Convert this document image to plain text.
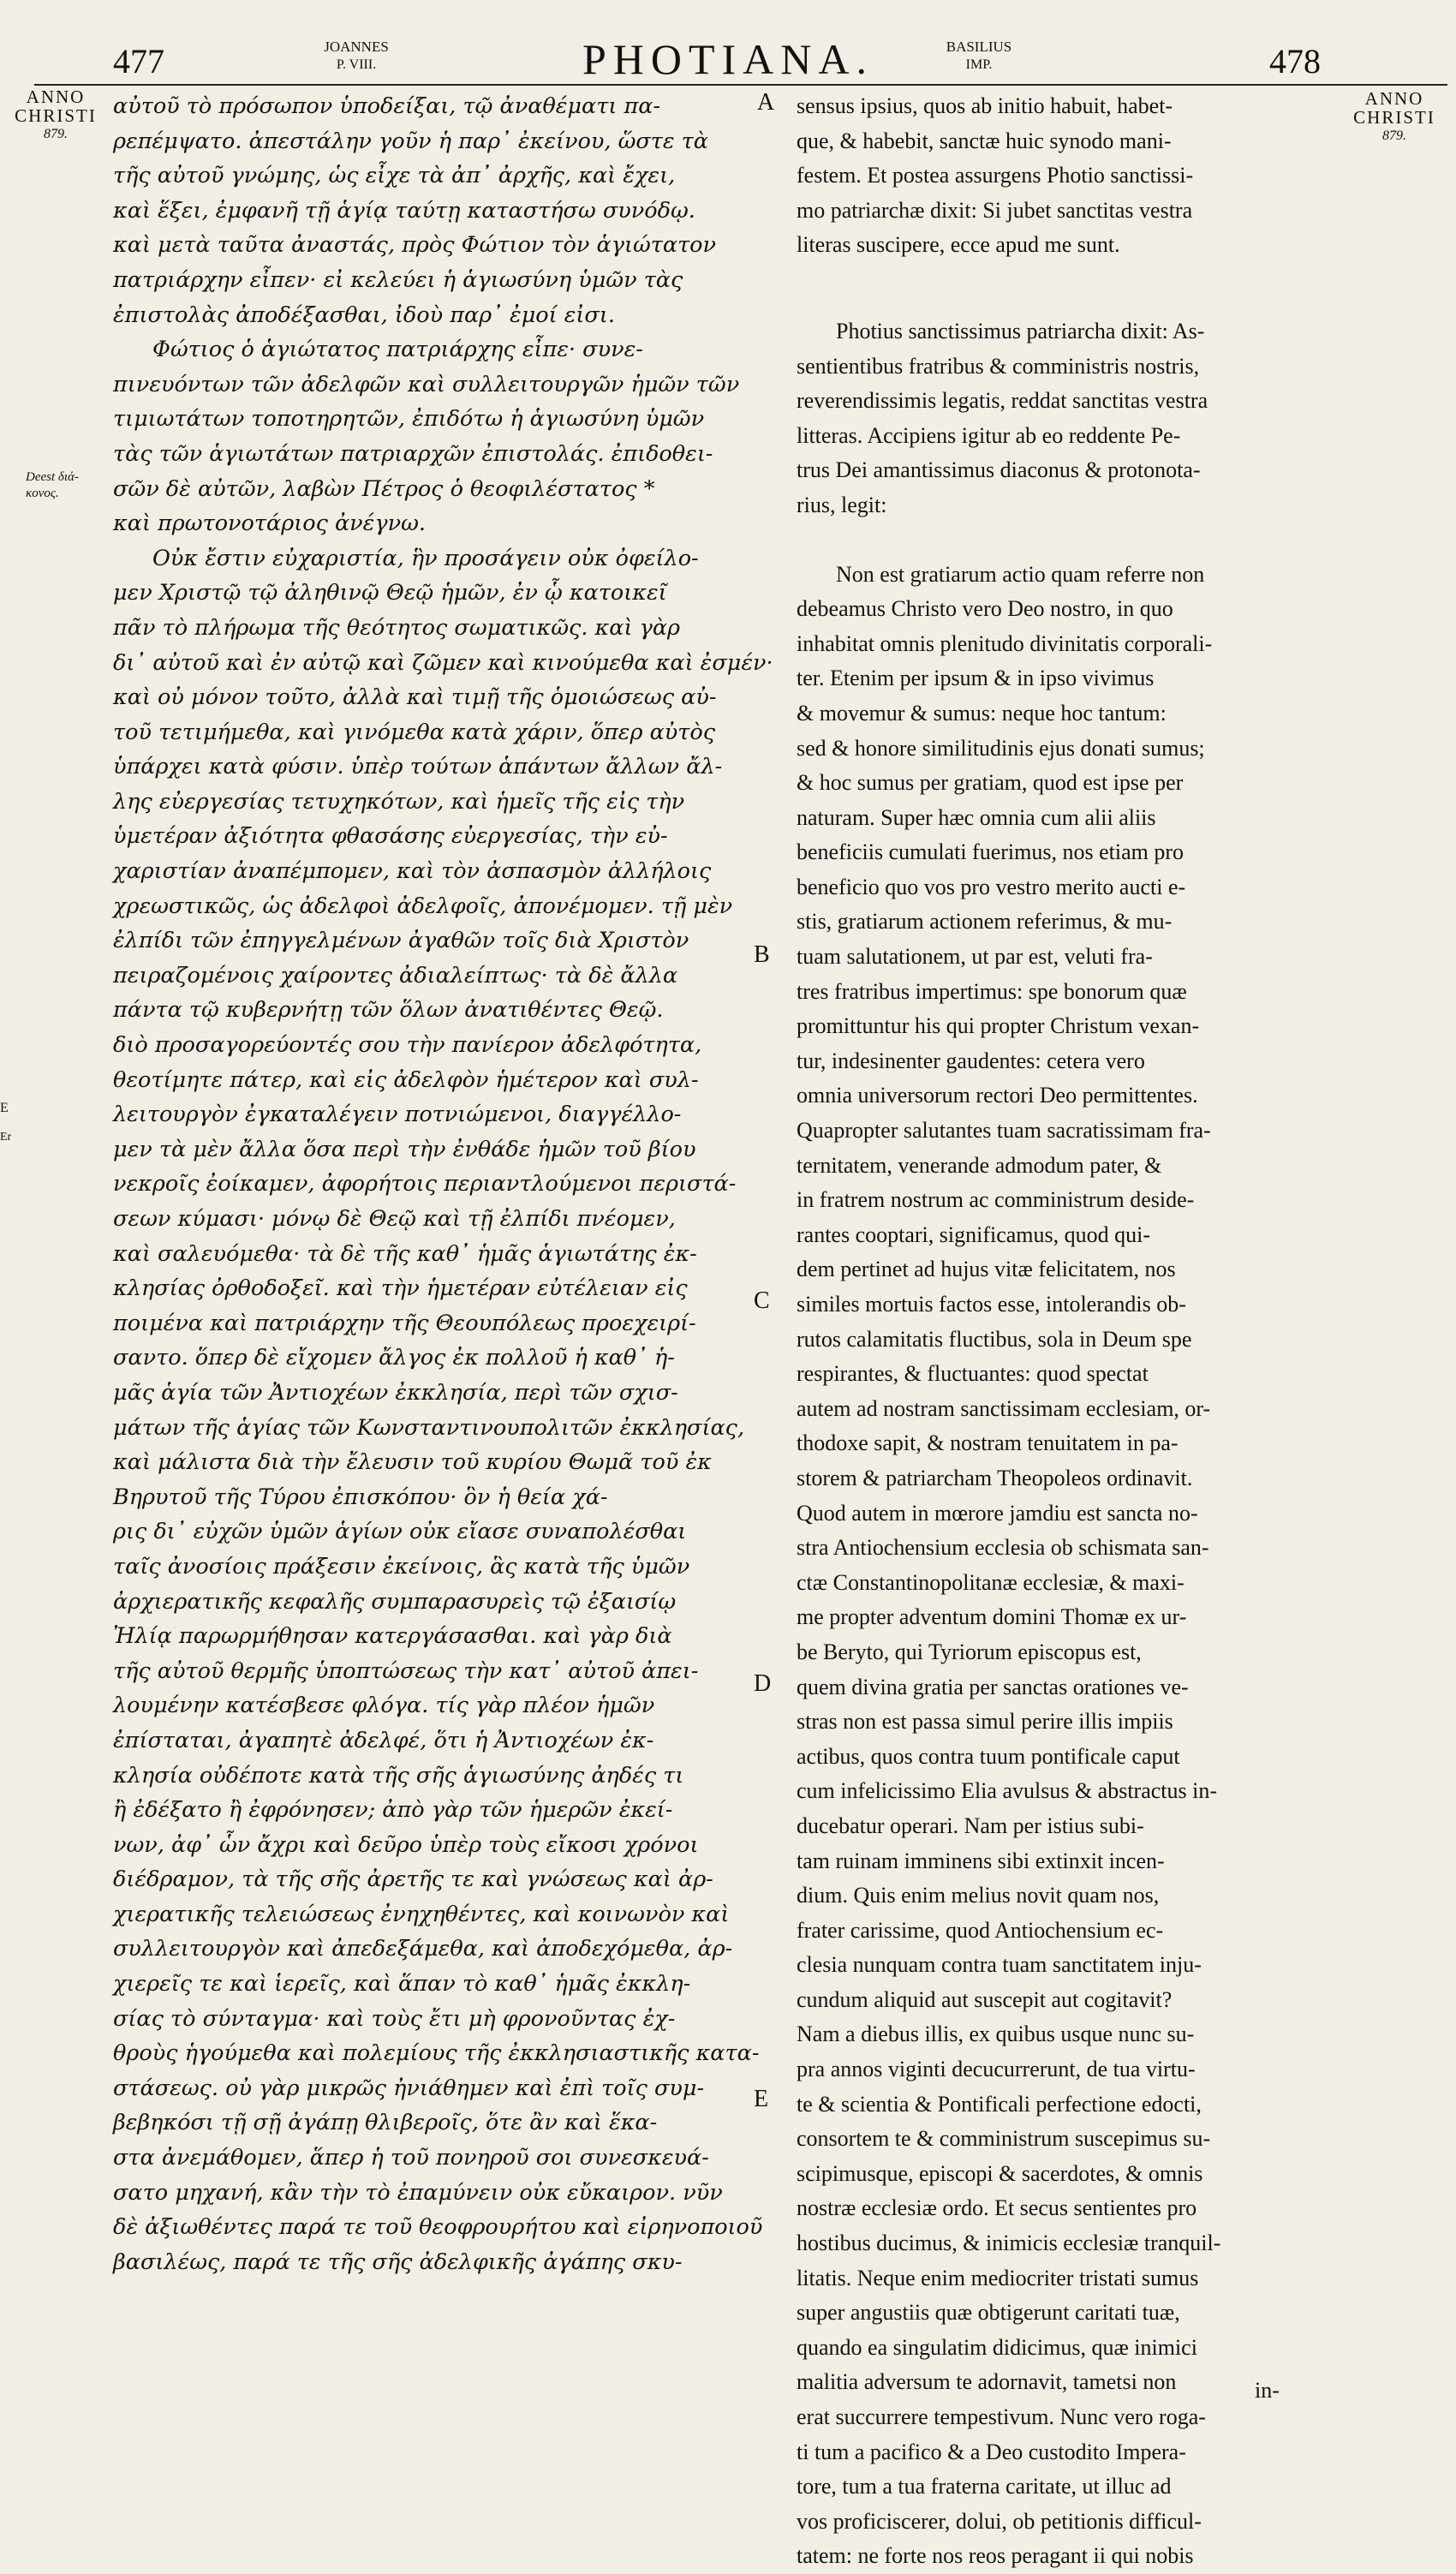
477	JOANNES
P. VIII.	PHOTIANA.	BASILIUS
IMP.	478
ANNO
CHRISTI
879.
ANNO
CHRISTI
879.
Deest διά- κονος.
E
Er
A
B
C
D
E
αὐτοῦ τὸ πρόσωπον ὑποδείξαι, τῷ ἀναθέματι πα-
ρεπέμψατο. ἀπεστάλην γοῦν ἡ παρ᾽ ἐκείνου, ὥστε τὰ
τῆς αὐτοῦ γνώμης, ὡς εἶχε τὰ ἀπ᾽ ἀρχῆς, καὶ ἔχει,
καὶ ἕξει, ἐμφανῆ τῇ ἁγίᾳ ταύτῃ καταστήσω συνόδῳ.
καὶ μετὰ ταῦτα ἀναστάς, πρὸς Φώτιον τὸν ἁγιώτατον
πατριάρχην εἶπεν· εἰ κελεύει ἡ ἁγιωσύνη ὑμῶν τὰς
ἐπιστολὰς ἀποδέξασθαι, ἰδοὺ παρ᾽ ἐμοί εἰσι.
Φώτιος ὁ ἁγιώτατος πατριάρχης εἶπε· συνε-
πινευόντων τῶν ἀδελφῶν καὶ συλλειτουργῶν ἡμῶν τῶν
τιμιωτάτων τοποτηρητῶν, ἐπιδότω ἡ ἁγιωσύνη ὑμῶν
τὰς τῶν ἁγιωτάτων πατριαρχῶν ἐπιστολάς. ἐπιδοθει-
σῶν δὲ αὐτῶν, λαβὼν Πέτρος ὁ θεοφιλέστατος *
καὶ πρωτονοτάριος ἀνέγνω.
Οὐκ ἔστιν εὐχαριστία, ἣν προσάγειν οὐκ ὀφείλο-
μεν Χριστῷ τῷ ἀληθινῷ Θεῷ ἡμῶν, ἐν ᾧ κατοικεῖ
πᾶν τὸ πλήρωμα τῆς θεότητος σωματικῶς. καὶ γὰρ
δι᾽ αὐτοῦ καὶ ἐν αὐτῷ καὶ ζῶμεν καὶ κινούμεθα καὶ ἐσμέν·
καὶ οὐ μόνον τοῦτο, ἀλλὰ καὶ τιμῇ τῆς ὁμοιώσεως αὐ-
τοῦ τετιμήμεθα, καὶ γινόμεθα κατὰ χάριν, ὅπερ αὐτὸς
ὑπάρχει κατὰ φύσιν. ὑπὲρ τούτων ἁπάντων ἄλλων ἄλ-
λης εὐεργεσίας τετυχηκότων, καὶ ἡμεῖς τῆς εἰς τὴν
ὑμετέραν ἀξιότητα φθασάσης εὐεργεσίας, τὴν εὐ-
χαριστίαν ἀναπέμπομεν, καὶ τὸν ἀσπασμὸν ἀλλήλοις
χρεωστικῶς, ὡς ἀδελφοὶ ἀδελφοῖς, ἀπονέμομεν. τῇ μὲν
ἐλπίδι τῶν ἐπηγγελμένων ἀγαθῶν τοῖς διὰ Χριστὸν
πειραζομένοις χαίροντες ἀδιαλείπτως· τὰ δὲ ἄλλα
πάντα τῷ κυβερνήτῃ τῶν ὅλων ἀνατιθέντες Θεῷ.
διὸ προσαγορεύοντές σου τὴν πανίερον ἀδελφότητα,
θεοτίμητε πάτερ, καὶ εἰς ἀδελφὸν ἡμέτερον καὶ συλ-
λειτουργὸν ἐγκαταλέγειν ποτνιώμενοι, διαγγέλλο-
μεν τὰ μὲν ἄλλα ὅσα περὶ τὴν ἐνθάδε ἡμῶν τοῦ βίου
νεκροῖς ἐοίκαμεν, ἀφορήτοις περιαντλούμενοι περιστά-
σεων κύμασι· μόνῳ δὲ Θεῷ καὶ τῇ ἐλπίδι πνέομεν,
καὶ σαλευόμεθα· τὰ δὲ τῆς καθ᾽ ἡμᾶς ἁγιωτάτης ἐκ-
κλησίας ὀρθοδοξεῖ. καὶ τὴν ἡμετέραν εὐτέλειαν εἰς
ποιμένα καὶ πατριάρχην τῆς Θεουπόλεως προεχειρί-
σαντο. ὅπερ δὲ εἴχομεν ἄλγος ἐκ πολλοῦ ἡ καθ᾽ ἡ-
μᾶς ἁγία τῶν Ἀντιοχέων ἐκκλησία, περὶ τῶν σχισ-
μάτων τῆς ἁγίας τῶν Κωνσταντινουπολιτῶν ἐκκλησίας,
καὶ μάλιστα διὰ τὴν ἔλευσιν τοῦ κυρίου Θωμᾶ τοῦ ἐκ
Βηρυτοῦ τῆς Τύρου ἐπισκόπου· ὃν ἡ θεία χά-
ρις δι᾽ εὐχῶν ὑμῶν ἁγίων οὐκ εἴασε συναπολέσθαι
ταῖς ἀνοσίοις πράξεσιν ἐκείνοις, ἃς κατὰ τῆς ὑμῶν
ἀρχιερατικῆς κεφαλῆς συμπαρασυρεὶς τῷ ἐξαισίῳ
Ἠλίᾳ παρωρμήθησαν κατεργάσασθαι. καὶ γὰρ διὰ
τῆς αὐτοῦ θερμῆς ὑποπτώσεως τὴν κατ᾽ αὐτοῦ ἀπει-
λουμένην κατέσβεσε φλόγα. τίς γὰρ πλέον ἡμῶν
ἐπίσταται, ἀγαπητὲ ἀδελφέ, ὅτι ἡ Ἀντιοχέων ἐκ-
κλησία οὐδέποτε κατὰ τῆς σῆς ἁγιωσύνης ἀηδές τι
ἢ ἐδέξατο ἢ ἐφρόνησεν; ἀπὸ γὰρ τῶν ἡμερῶν ἐκεί-
νων, ἀφ᾽ ὧν ἄχρι καὶ δεῦρο ὑπὲρ τοὺς εἴκοσι χρόνοι
διέδραμον, τὰ τῆς σῆς ἀρετῆς τε καὶ γνώσεως καὶ ἀρ-
χιερατικῆς τελειώσεως ἐνηχηθέντες, καὶ κοινωνὸν καὶ
συλλειτουργὸν καὶ ἀπεδεξάμεθα, καὶ ἀποδεχόμεθα, ἀρ-
χιερεῖς τε καὶ ἱερεῖς, καὶ ἅπαν τὸ καθ᾽ ἡμᾶς ἐκκλη-
σίας τὸ σύνταγμα· καὶ τοὺς ἔτι μὴ φρονοῦντας ἐχ-
θροὺς ἡγούμεθα καὶ πολεμίους τῆς ἐκκλησιαστικῆς κατα-
στάσεως. οὐ γὰρ μικρῶς ἠνιάθημεν καὶ ἐπὶ τοῖς συμ-
βεβηκόσι τῇ σῇ ἀγάπῃ θλιβεροῖς, ὅτε ἂν καὶ ἕκα-
στα ἀνεμάθομεν, ἅπερ ἡ τοῦ πονηροῦ σοι συνεσκευά-
σατο μηχανή, κἂν τὴν τὸ ἐπαμύνειν οὐκ εὔκαιρον. νῦν
δὲ ἀξιωθέντες παρά τε τοῦ θεοφρουρήτου καὶ εἰρηνοποιοῦ
βασιλέως, παρά τε τῆς σῆς ἀδελφικῆς ἀγάπης σκυ-
sensus ipsius, quos ab initio habuit, habet-
que, & habebit, sanctæ huic synodo mani-
festem. Et postea assurgens Photio sanctissi-
mo patriarchæ dixit: Si jubet sanctitas vestra
literas suscipere, ecce apud me sunt.
Photius sanctissimus patriarcha dixit: As-
sentientibus fratribus & comministris nostris,
reverendissimis legatis, reddat sanctitas vestra
litteras. Accipiens igitur ab eo reddente Pe-
trus Dei amantissimus diaconus & protonota-
rius, legit:
Non est gratiarum actio quam referre non
debeamus Christo vero Deo nostro, in quo
inhabitat omnis plenitudo divinitatis corporali-
ter. Etenim per ipsum & in ipso vivimus
& movemur & sumus: neque hoc tantum:
sed & honore similitudinis ejus donati sumus;
& hoc sumus per gratiam, quod est ipse per
naturam. Super hæc omnia cum alii aliis
beneficiis cumulati fuerimus, nos etiam pro
beneficio quo vos pro vestro merito aucti e-
stis, gratiarum actionem referimus, & mu-
tuam salutationem, ut par est, veluti fra-
tres fratribus impertimus: spe bonorum quæ
promittuntur his qui propter Christum vexan-
tur, indesinenter gaudentes: cetera vero
omnia universorum rectori Deo permittentes.
Quapropter salutantes tuam sacratissimam fra-
ternitatem, venerande admodum pater, &
in fratrem nostrum ac comministrum deside-
rantes cooptari, significamus, quod qui-
dem pertinet ad hujus vitæ felicitatem, nos
similes mortuis factos esse, intolerandis ob-
rutos calamitatis fluctibus, sola in Deum spe
respirantes, & fluctuantes: quod spectat
autem ad nostram sanctissimam ecclesiam, or-
thodoxe sapit, & nostram tenuitatem in pa-
storem & patriarcham Theopoleos ordinavit.
Quod autem in mœrore jamdiu est sancta no-
stra Antiochensium ecclesia ob schismata san-
ctæ Constantinopolitanæ ecclesiæ, & maxi-
me propter adventum domini Thomæ ex ur-
be Beryto, qui Tyriorum episcopus est,
quem divina gratia per sanctas orationes ve-
stras non est passa simul perire illis impiis
actibus, quos contra tuum pontificale caput
cum infelicissimo Elia avulsus & abstractus in-
ducebatur operari. Nam per istius subi-
tam ruinam imminens sibi extinxit incen-
dium. Quis enim melius novit quam nos,
frater carissime, quod Antiochensium ec-
clesia nunquam contra tuam sanctitatem inju-
cundum aliquid aut suscepit aut cogitavit?
Nam a diebus illis, ex quibus usque nunc su-
pra annos viginti decucurrerunt, de tua virtu-
te & scientia & Pontificali perfectione edocti,
consortem te & comministrum suscepimus su-
scipimusque, episcopi & sacerdotes, & omnis
nostræ ecclesiæ ordo. Et secus sentientes pro
hostibus ducimus, & inimicis ecclesiæ tranquil-
litatis. Neque enim mediocriter tristati sumus
super angustiis quæ obtigerunt caritati tuæ,
quando ea singulatim didicimus, quæ inimici
malitia adversum te adornavit, tametsi non
erat succurrere tempestivum. Nunc vero roga-
ti tum a pacifico & a Deo custodito Impera-
tore, tum a tua fraterna caritate, ut illuc ad
vos proficiscerer, dolui, ob petitionis difficul-
tatem: ne forte nos reos peragant ii qui nobis
in-
